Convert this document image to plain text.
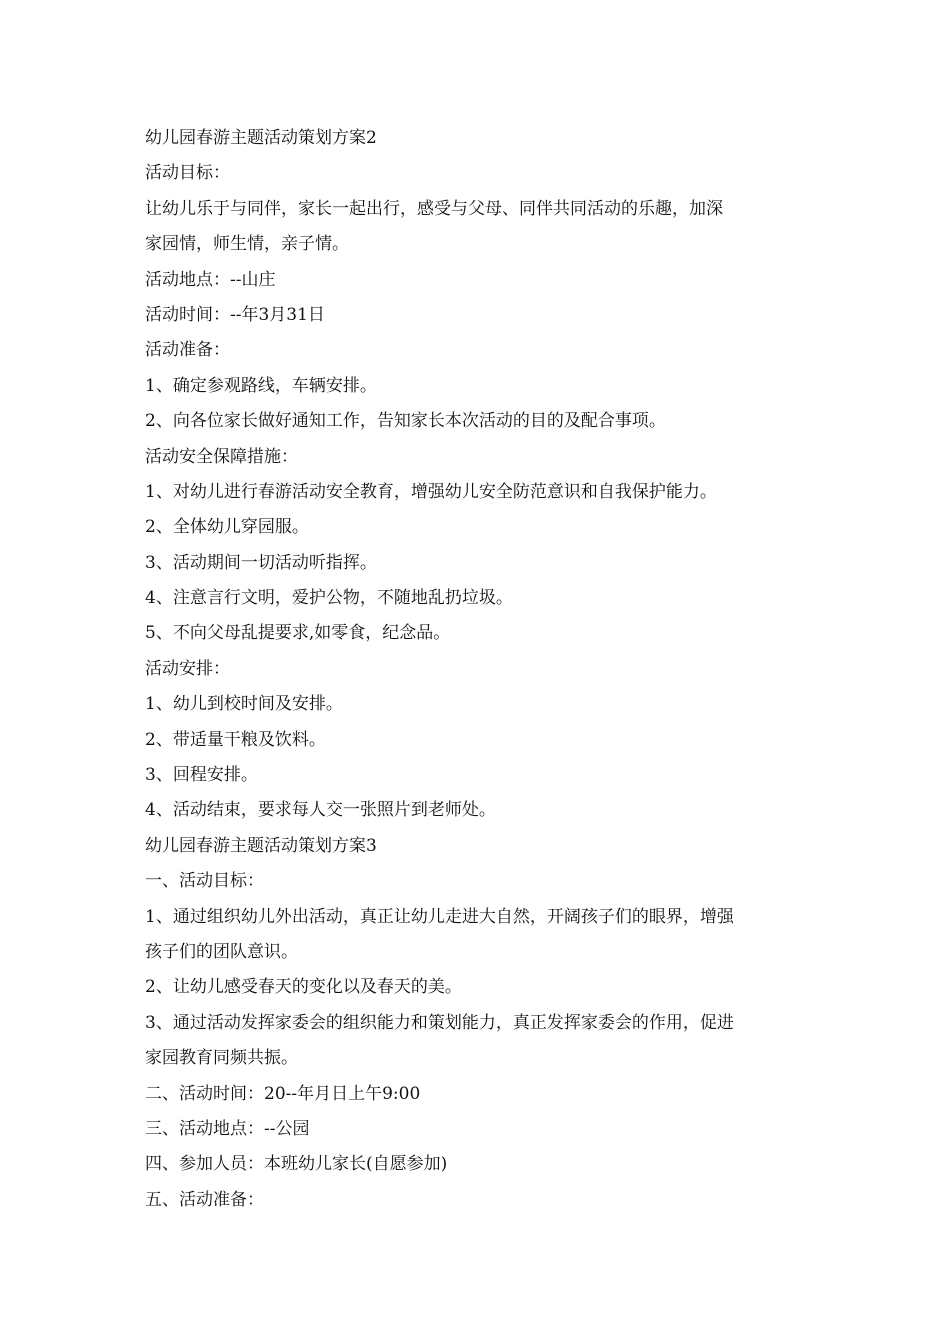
幼儿园春游主题活动策划方案2

活动目标：

让幼儿乐于与同伴，家长一起出行，感受与父母、同伴共同活动的乐趣，加深

家园情，师生情，亲子情。

活动地点：--山庄

活动时间：--年3月31日

活动准备：

1、确定参观路线，车辆安排。

2、向各位家长做好通知工作，告知家长本次活动的目的及配合事项。

活动安全保障措施：

1、对幼儿进行春游活动安全教育，增强幼儿安全防范意识和自我保护能力。

2、全体幼儿穿园服。

3、活动期间一切活动听指挥。

4、注意言行文明，爱护公物，不随地乱扔垃圾。

5、不向父母乱提要求,如零食，纪念品。

活动安排：

1、幼儿到校时间及安排。

2、带适量干粮及饮料。

3、回程安排。

4、活动结束，要求每人交一张照片到老师处。

幼儿园春游主题活动策划方案3

一、活动目标：

1、通过组织幼儿外出活动，真正让幼儿走进大自然，开阔孩子们的眼界，增强

孩子们的团队意识。

2、让幼儿感受春天的变化以及春天的美。

3、通过活动发挥家委会的组织能力和策划能力，真正发挥家委会的作用，促进

家园教育同频共振。

二、活动时间：20--年月日上午9:00

三、活动地点：--公园

四、参加人员：本班幼儿家长(自愿参加)

五、活动准备：
